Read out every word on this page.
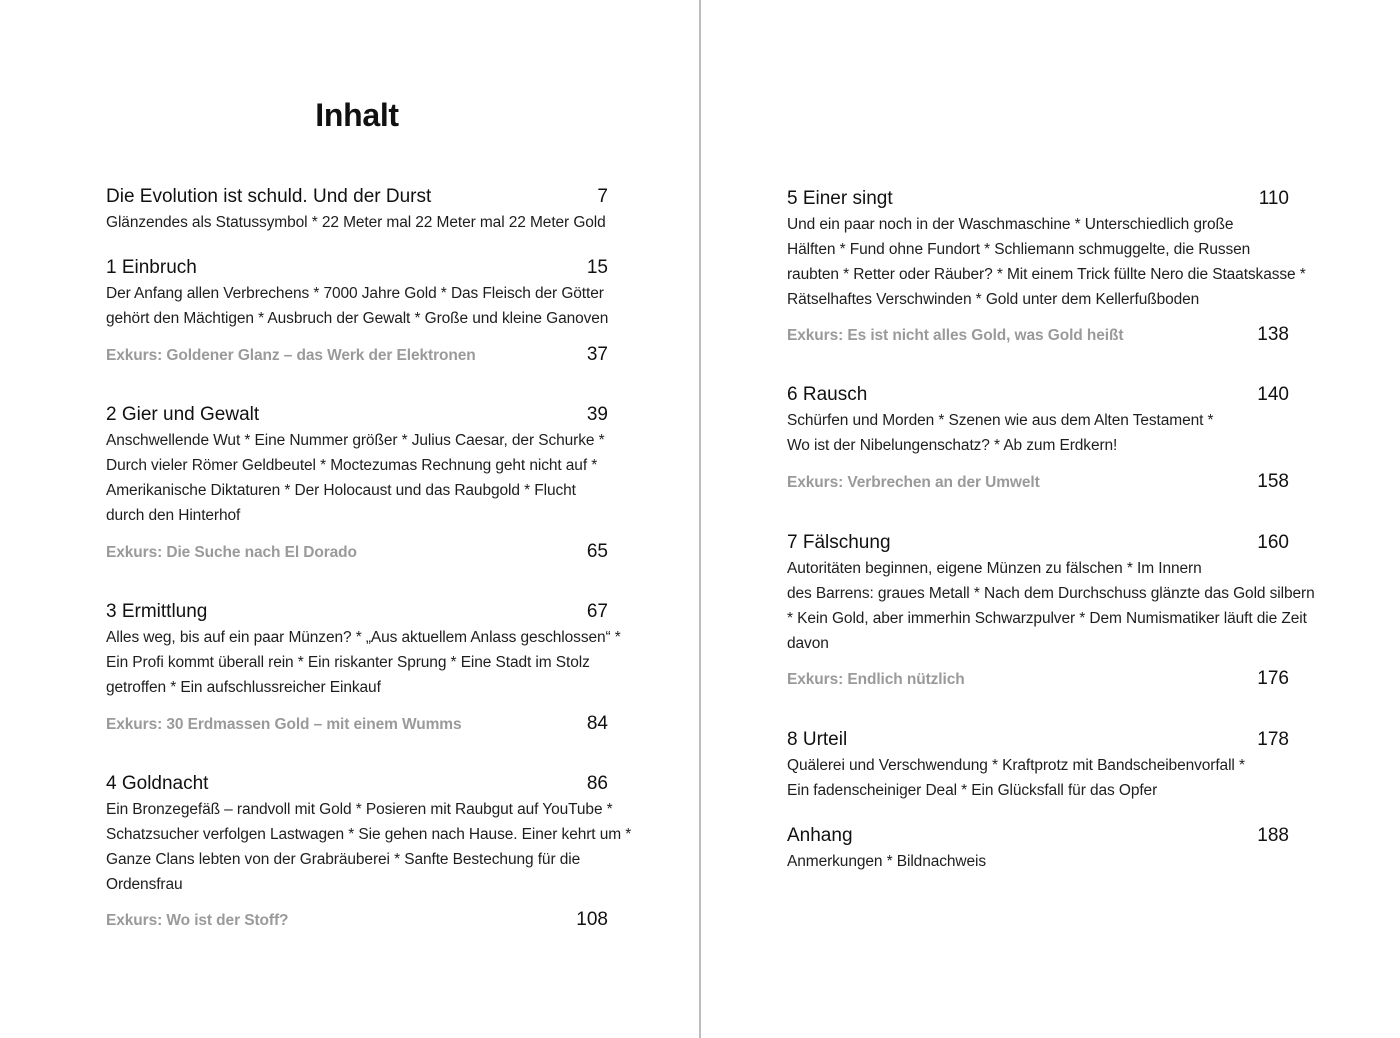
Inhalt
Die Evolution ist schuld. Und der Durst	7
Glänzendes als Statussymbol * 22 Meter mal 22 Meter mal 22 Meter Gold
1 Einbruch	15
Der Anfang allen Verbrechens * 7000 Jahre Gold * Das Fleisch der Götter
gehört den Mächtigen * Ausbruch der Gewalt * Große und kleine Ganoven
Exkurs: Goldener Glanz – das Werk der Elektronen	37
2 Gier und Gewalt	39
Anschwellende Wut * Eine Nummer größer * Julius Caesar, der Schurke *
Durch vieler Römer Geldbeutel * Moctezumas Rechnung geht nicht auf *
Amerikanische Diktaturen * Der Holocaust und das Raubgold * Flucht
durch den Hinterhof
Exkurs: Die Suche nach El Dorado	65
3 Ermittlung	67
Alles weg, bis auf ein paar Münzen? * „Aus aktuellem Anlass geschlossen“ *
Ein Profi kommt überall rein * Ein riskanter Sprung * Eine Stadt im Stolz
getroffen * Ein aufschlussreicher Einkauf
Exkurs: 30 Erdmassen Gold – mit einem Wumms	84
4 Goldnacht	86
Ein Bronzegefäß – randvoll mit Gold * Posieren mit Raubgut auf YouTube *
Schatzsucher verfolgen Lastwagen * Sie gehen nach Hause. Einer kehrt um *
Ganze Clans lebten von der Grabräuberei * Sanfte Bestechung für die
Ordensfrau
Exkurs: Wo ist der Stoff?	108
5 Einer singt	110
Und ein paar noch in der Waschmaschine * Unterschiedlich große
Hälften * Fund ohne Fundort * Schliemann schmuggelte, die Russen
raubten * Retter oder Räuber? * Mit einem Trick füllte Nero die Staatskasse *
Rätselhaftes Verschwinden * Gold unter dem Kellerfußboden
Exkurs: Es ist nicht alles Gold, was Gold heißt	138
6 Rausch	140
Schürfen und Morden * Szenen wie aus dem Alten Testament *
Wo ist der Nibelungenschatz? * Ab zum Erdkern!
Exkurs: Verbrechen an der Umwelt	158
7 Fälschung	160
Autoritäten beginnen, eigene Münzen zu fälschen * Im Innern
des Barrens: graues Metall * Nach dem Durchschuss glänzte das Gold silbern
* Kein Gold, aber immerhin Schwarzpulver * Dem Numismatiker läuft die Zeit
davon
Exkurs: Endlich nützlich	176
8 Urteil	178
Quälerei und Verschwendung * Kraftprotz mit Bandscheibenvorfall *
Ein fadenscheiniger Deal * Ein Glücksfall für das Opfer
Anhang	188
Anmerkungen * Bildnachweis
